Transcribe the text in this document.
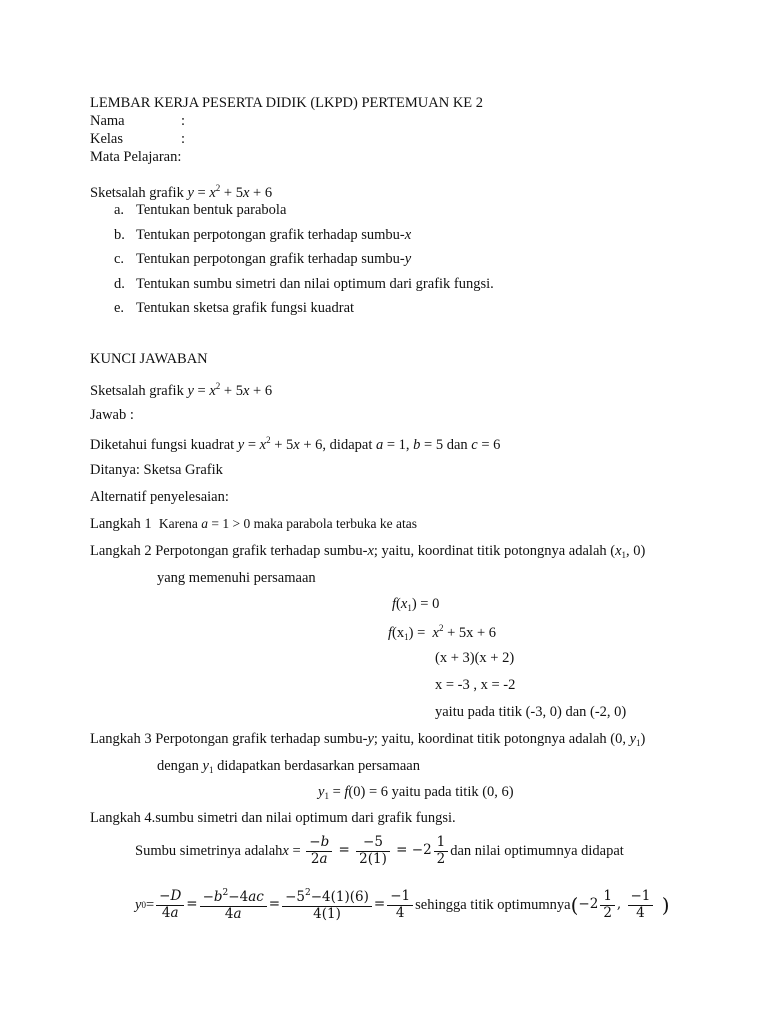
LEMBAR KERJA PESERTA DIDIK (LKPD) PERTEMUAN KE 2
Nama	:
Kelas	:
Mata Pelajaran:
Sketsalah grafik $y = x^2 + 5x + 6$
a. Tentukan bentuk parabola
b. Tentukan perpotongan grafik terhadap sumbu-x
c. Tentukan perpotongan grafik terhadap sumbu-y
d. Tentukan sumbu simetri dan nilai optimum dari grafik fungsi.
e. Tentukan sketsa grafik fungsi kuadrat
KUNCI JAWABAN
Sketsalah grafik $y = x^2 + 5x + 6$
Jawab :
Diketahui fungsi kuadrat $y = x^2 + 5x + 6$, didapat a = 1, b = 5 dan c = 6
Ditanya: Sketsa Grafik
Alternatif penyelesaian:
Langkah 1 Karena a = 1 > 0 maka parabola terbuka ke atas
Langkah 2 Perpotongan grafik terhadap sumbu-x; yaitu, koordinat titik potongnya adalah ($x_1$, 0)
yang memenuhi persamaan
$f(x_1) = 0$
$f(x_1) = x^2 + 5x + 6$
(x + 3)(x + 2)
x = -3 , x = -2
yaitu pada titik (-3, 0) dan (-2, 0)
Langkah 3 Perpotongan grafik terhadap sumbu-y; yaitu, koordinat titik potongnya adalah (0, $y_1$)
dengan $y_1$ didapatkan berdasarkan persamaan
$y_1 = f(0) = 6$ yaitu pada titik (0, 6)
Langkah 4.sumbu simetri dan nilai optimum dari grafik fungsi.
Sumbu simetrinya adalah $x = \frac{-b}{2a} = \frac{-5}{2(1)} = -2 \frac{1}{2}$ dan nilai optimumnya didapat
y $0 = \frac{-D}{4a} = \frac{-b^2-4ac}{4a} = \frac{-5^2-4(1)(6)}{4(1)} = \frac{-1}{4}$ sehingga titik optimumnya ( $-2 \frac{1}{2}$ , $\frac{-1}{4}$ )
